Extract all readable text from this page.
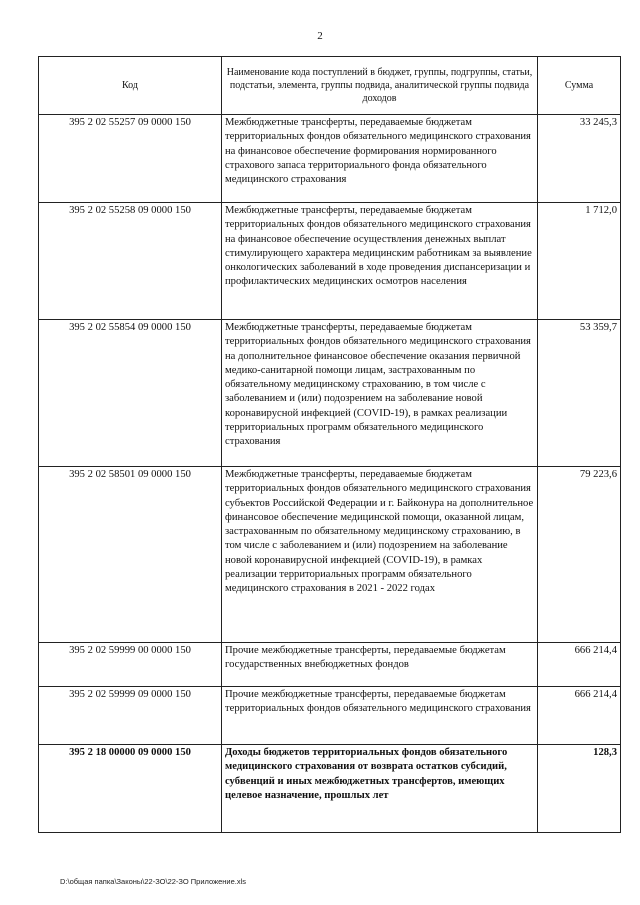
2
Код	Наименование кода поступлений в бюджет, группы, подгруппы, статьи, подстатьи, элемента, группы подвида, аналитической группы подвида доходов	Сумма
395 2 02 55257 09 0000 150	Межбюджетные трансферты, передаваемые бюджетам территориальных фондов обязательного медицинского страхования на финансовое обеспечение формирования нормированного страхового запаса территориального фонда обязательного медицинского страхования	33 245,3
395 2 02 55258 09 0000 150	Межбюджетные трансферты, передаваемые бюджетам территориальных фондов обязательного медицинского страхования на финансовое обеспечение осуществления денежных выплат стимулирующего характера медицинским работникам за выявление онкологических заболеваний в ходе проведения диспансеризации и профилактических медицинских осмотров населения	1 712,0
395 2 02 55854 09 0000 150	Межбюджетные трансферты, передаваемые бюджетам территориальных фондов обязательного медицинского страхования на дополнительное финансовое обеспечение оказания первичной медико-санитарной помощи лицам, застрахованным по обязательному медицинскому страхованию, в том числе с заболеванием и (или) подозрением на заболевание новой коронавирусной инфекцией (COVID-19), в рамках реализации территориальных программ обязательного медицинского страхования	53 359,7
395 2 02 58501 09 0000 150	Межбюджетные трансферты, передаваемые бюджетам территориальных фондов обязательного медицинского страхования субъектов Российской Федерации и г. Байконура на дополнительное финансовое обеспечение медицинской помощи, оказанной лицам, застрахованным по обязательному медицинскому страхованию, в том числе с заболеванием и (или) подозрением на заболевание новой коронавирусной инфекцией (COVID-19), в рамках реализации территориальных программ обязательного медицинского страхования в 2021 - 2022 годах	79 223,6
395 2 02 59999 00 0000 150	Прочие межбюджетные трансферты, передаваемые бюджетам государственных внебюджетных фондов	666 214,4
395 2 02 59999 09 0000 150	Прочие межбюджетные трансферты, передаваемые бюджетам территориальных фондов обязательного медицинского страхования	666 214,4
395 2 18 00000 09 0000 150	Доходы бюджетов территориальных фондов обязательного медицинского страхования от возврата остатков субсидий, субвенций и иных межбюджетных трансфертов, имеющих целевое назначение, прошлых лет	128,3
D:\общая папка\Законы\22-ЗО\22-ЗО Приложение.xls
